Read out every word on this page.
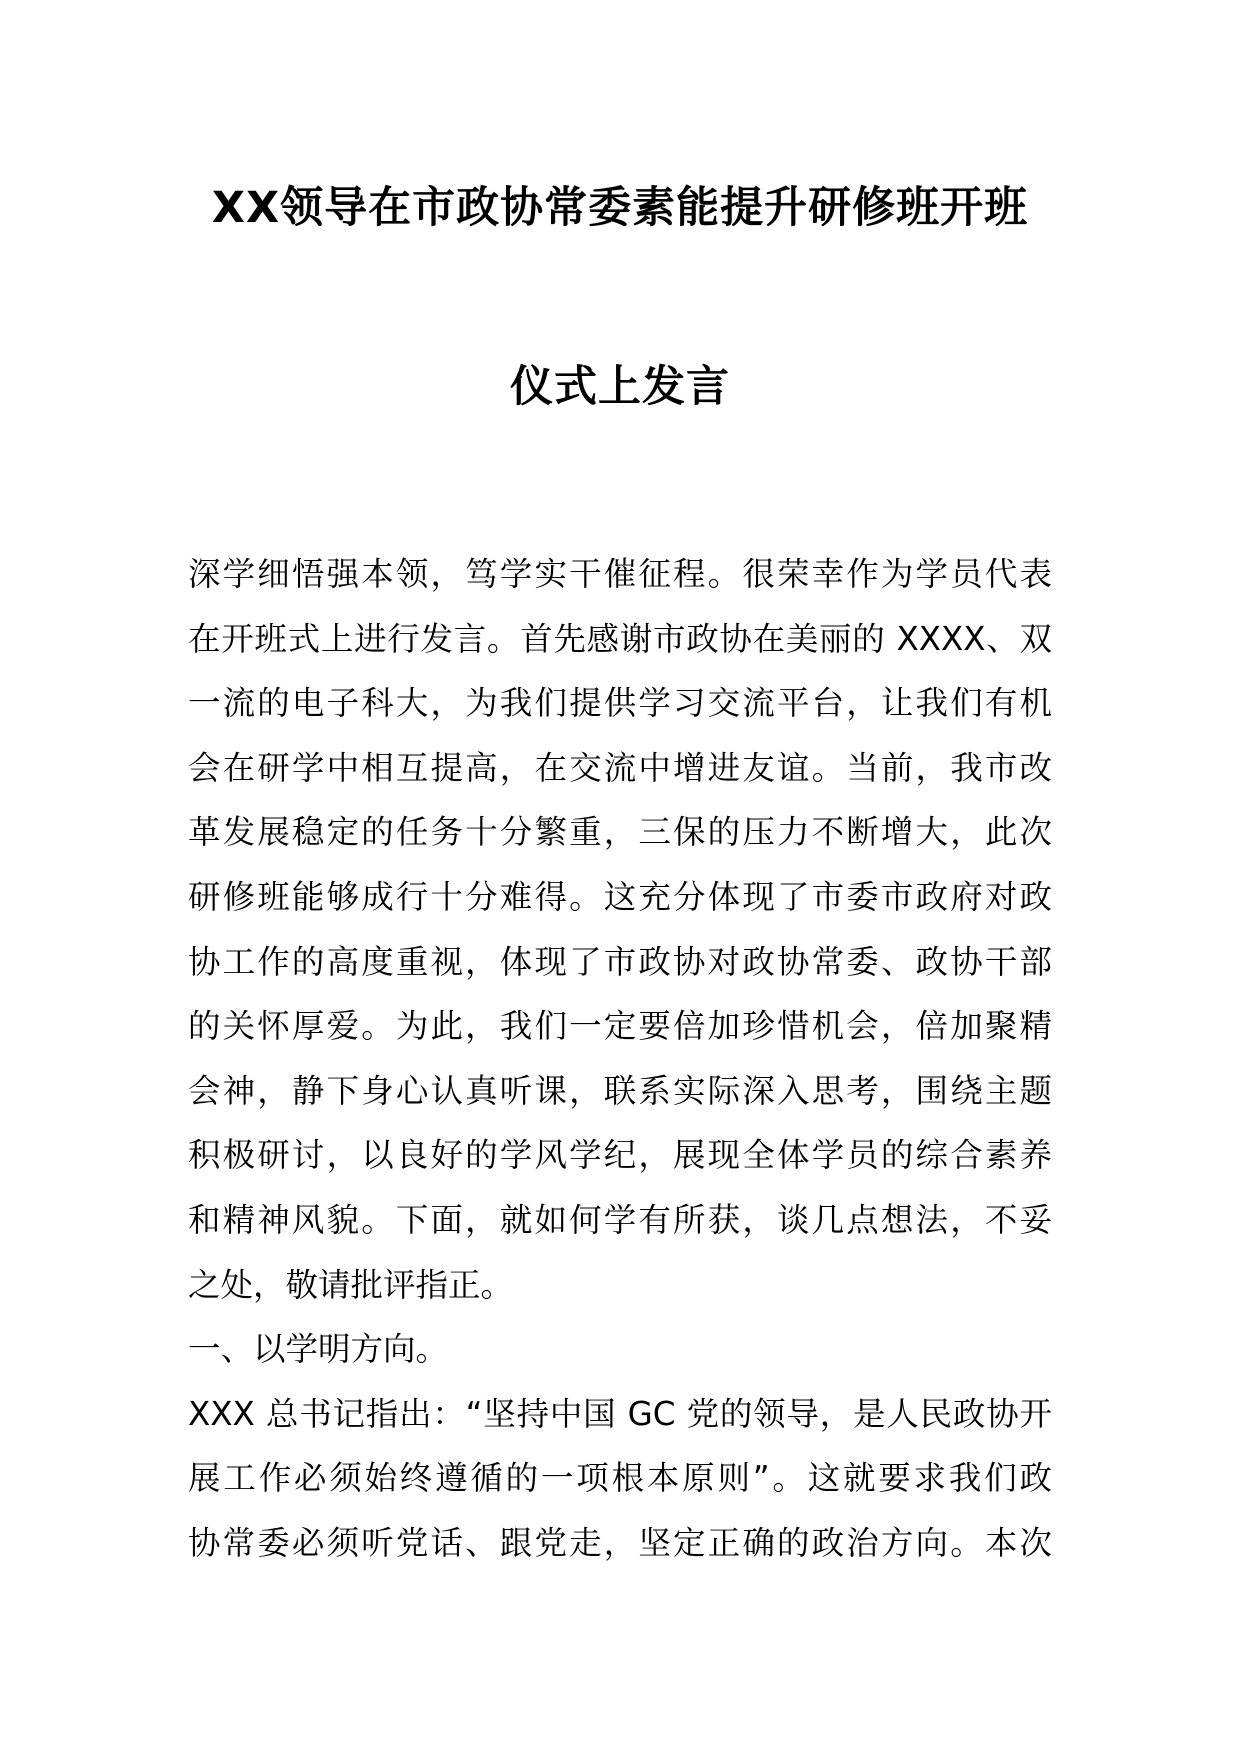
XX领导在市政协常委素能提升研修班开班
仪式上发言
深学细悟强本领，笃学实干催征程。很荣幸作为学员代表
在开班式上进行发言。首先感谢市政协在美丽的 XXXX、双
一流的电子科大，为我们提供学习交流平台，让我们有机
会在研学中相互提高，在交流中增进友谊。当前，我市改
革发展稳定的任务十分繁重，三保的压力不断增大，此次
研修班能够成行十分难得。这充分体现了市委市政府对政
协工作的高度重视，体现了市政协对政协常委、政协干部
的关怀厚爱。为此，我们一定要倍加珍惜机会，倍加聚精
会神，静下身心认真听课，联系实际深入思考，围绕主题
积极研讨，以良好的学风学纪，展现全体学员的综合素养
和精神风貌。下面，就如何学有所获，谈几点想法，不妥
之处，敬请批评指正。
一、以学明方向。
XXX 总书记指出：“坚持中国 GC 党的领导，是人民政协开
展工作必须始终遵循的一项根本原则”。这就要求我们政
协常委必须听党话、跟党走，坚定正确的政治方向。本次
